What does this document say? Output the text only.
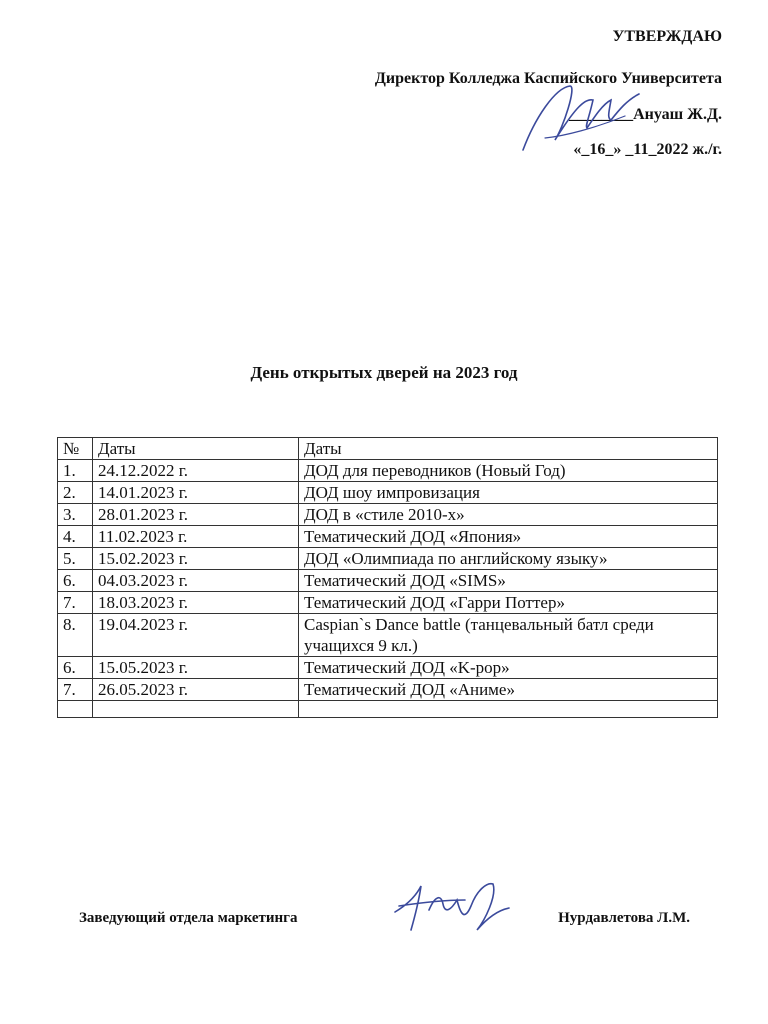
УТВЕРЖДАЮ
Директор Колледжа Каспийского Университета
________Ануаш Ж.Д.
«_16_» _11_2022 ж./г.
День открытых дверей на 2023 год
№	Даты	Даты
1.	24.12.2022 г.	ДОД для переводников (Новый Год)
2.	14.01.2023 г.	ДОД шоу импровизация
3.	28.01.2023 г.	ДОД в «стиле 2010-х»
4.	11.02.2023 г.	Тематический ДОД «Япония»
5.	15.02.2023 г.	ДОД «Олимпиада по английскому языку»
6.	04.03.2023 г.	Тематический ДОД «SIMS»
7.	18.03.2023 г.	Тематический ДОД «Гарри Поттер»
8.	19.04.2023 г.	Caspian`s Dance battle (танцевальный батл среди учащихся 9 кл.)
6.	15.05.2023 г.	Тематический ДОД «K-pop»
7.	26.05.2023 г.	Тематический ДОД «Аниме»

Заведующий отдела маркетинга	Нурдавлетова Л.М.
